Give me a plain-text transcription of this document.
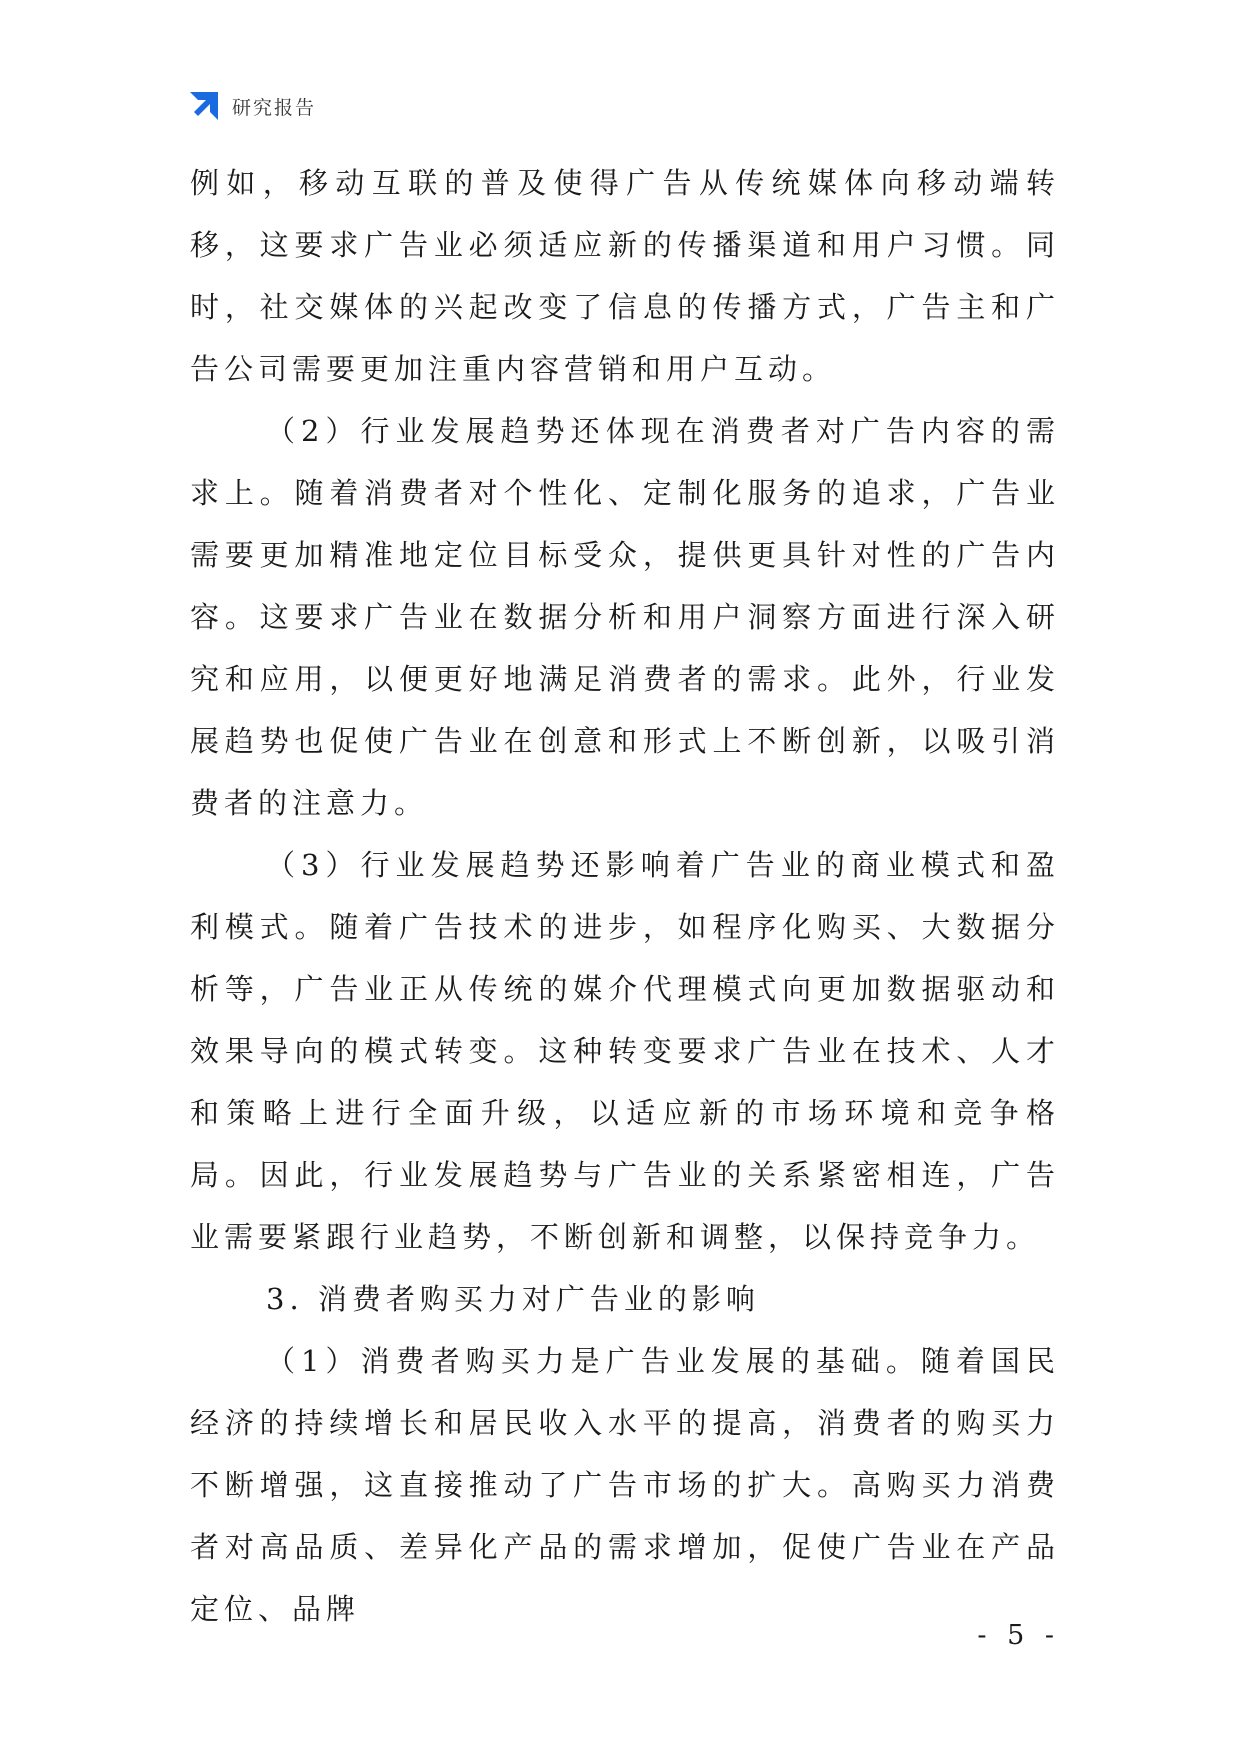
研究报告

例如，移动互联的普及使得广告从传统媒体向移动端转移，这要求广告业必须适应新的传播渠道和用户习惯。同时，社交媒体的兴起改变了信息的传播方式，广告主和广告公司需要更加注重内容营销和用户互动。

（2）行业发展趋势还体现在消费者对广告内容的需求上。随着消费者对个性化、定制化服务的追求，广告业需要更加精准地定位目标受众，提供更具针对性的广告内容。这要求广告业在数据分析和用户洞察方面进行深入研究和应用，以便更好地满足消费者的需求。此外，行业发展趋势也促使广告业在创意和形式上不断创新，以吸引消费者的注意力。

（3）行业发展趋势还影响着广告业的商业模式和盈利模式。随着广告技术的进步，如程序化购买、大数据分析等，广告业正从传统的媒介代理模式向更加数据驱动和效果导向的模式转变。这种转变要求广告业在技术、人才和策略上进行全面升级，以适应新的市场环境和竞争格局。因此，行业发展趋势与广告业的关系紧密相连，广告业需要紧跟行业趋势，不断创新和调整，以保持竞争力。

3. 消费者购买力对广告业的影响

（1）消费者购买力是广告业发展的基础。随着国民经济的持续增长和居民收入水平的提高，消费者的购买力不断增强，这直接推动了广告市场的扩大。高购买力消费者对高品质、差异化产品的需求增加，促使广告业在产品定位、品牌

- 5 -
